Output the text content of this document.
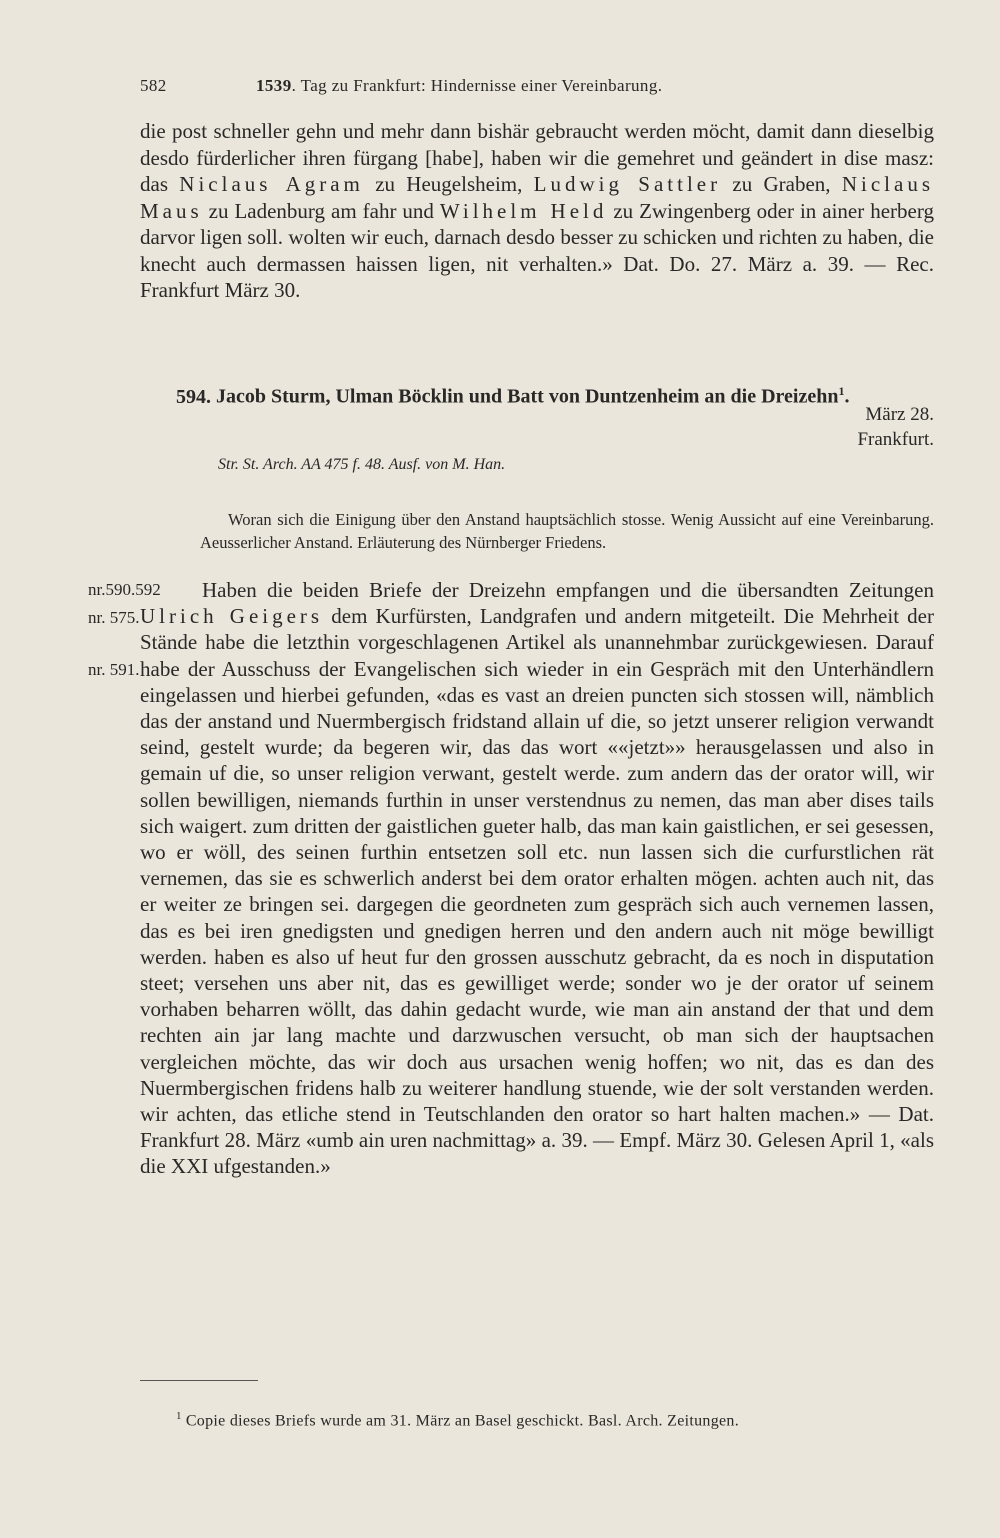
582	1539. Tag zu Frankfurt: Hindernisse einer Vereinbarung.
die post schneller gehn und mehr dann bishär gebraucht werden möcht, damit dann dieselbig desdo fürderlicher ihren fürgang [habe], haben wir die gemehret und geändert in dise masz: das Niclaus Agram zu Heugelsheim, Ludwig Sattler zu Graben, Niclaus Maus zu Ladenburg am fahr und Wilhelm Held zu Zwingenberg oder in ainer herberg darvor ligen soll. wolten wir euch, darnach desdo besser zu schicken und richten zu haben, die knecht auch dermassen haissen ligen, nit verhalten.» Dat. Do. 27. März a. 39. — Rec. Frankfurt März 30.
594. Jacob Sturm, Ulman Böcklin und Batt von Duntzenheim an die Dreizehn$^1$.
März 28.
Frankfurt.
Str. St. Arch. AA 475 f. 48. Ausf. von M. Han.
Woran sich die Einigung über den Anstand hauptsächlich stosse. Wenig Aussicht auf eine Vereinbarung. Aeusserlicher Anstand. Erläuterung des Nürnberger Friedens.
nr.590.592
nr. 575.
nr. 591.
Haben die beiden Briefe der Dreizehn empfangen und die übersandten Zeitungen Ulrich Geigers dem Kurfürsten, Landgrafen und andern mitgeteilt. Die Mehrheit der Stände habe die letzthin vorgeschlagenen Artikel als unannehmbar zurückgewiesen. Darauf habe der Ausschuss der Evangelischen sich wieder in ein Gespräch mit den Unterhändlern eingelassen und hierbei gefunden, «das es vast an dreien puncten sich stossen will, nämblich das der anstand und Nuermbergisch fridstand allain uf die, so jetzt unserer religion verwandt seind, gestelt wurde; da begeren wir, das das wort ««jetzt»» herausgelassen und also in gemain uf die, so unser religion verwant, gestelt werde. zum andern das der orator will, wir sollen bewilligen, niemands furthin in unser verstendnus zu nemen, das man aber dises tails sich waigert. zum dritten der gaistlichen gueter halb, das man kain gaistlichen, er sei gesessen, wo er wöll, des seinen furthin entsetzen soll etc. nun lassen sich die curfurstlichen rät vernemen, das sie es schwerlich anderst bei dem orator erhalten mögen. achten auch nit, das er weiter ze bringen sei. dargegen die geordneten zum gespräch sich auch vernemen lassen, das es bei iren gnedigsten und gnedigen herren und den andern auch nit möge bewilligt werden. haben es also uf heut fur den grossen ausschutz gebracht, da es noch in disputation steet; versehen uns aber nit, das es gewilliget werde; sonder wo je der orator uf seinem vorhaben beharren wöllt, das dahin gedacht wurde, wie man ain anstand der that und dem rechten ain jar lang machte und darzwuschen versucht, ob man sich der hauptsachen vergleichen möchte, das wir doch aus ursachen wenig hoffen; wo nit, das es dan des Nuermbergischen fridens halb zu weiterer handlung stuende, wie der solt verstanden werden. wir achten, das etliche stend in Teutschlanden den orator so hart halten machen.» — Dat. Frankfurt 28. März «umb ain uren nachmittag» a. 39. — Empf. März 30. Gelesen April 1, «als die XXI ufgestanden.»
$^1$ Copie dieses Briefs wurde am 31. März an Basel geschickt. Basl. Arch. Zeitungen.
